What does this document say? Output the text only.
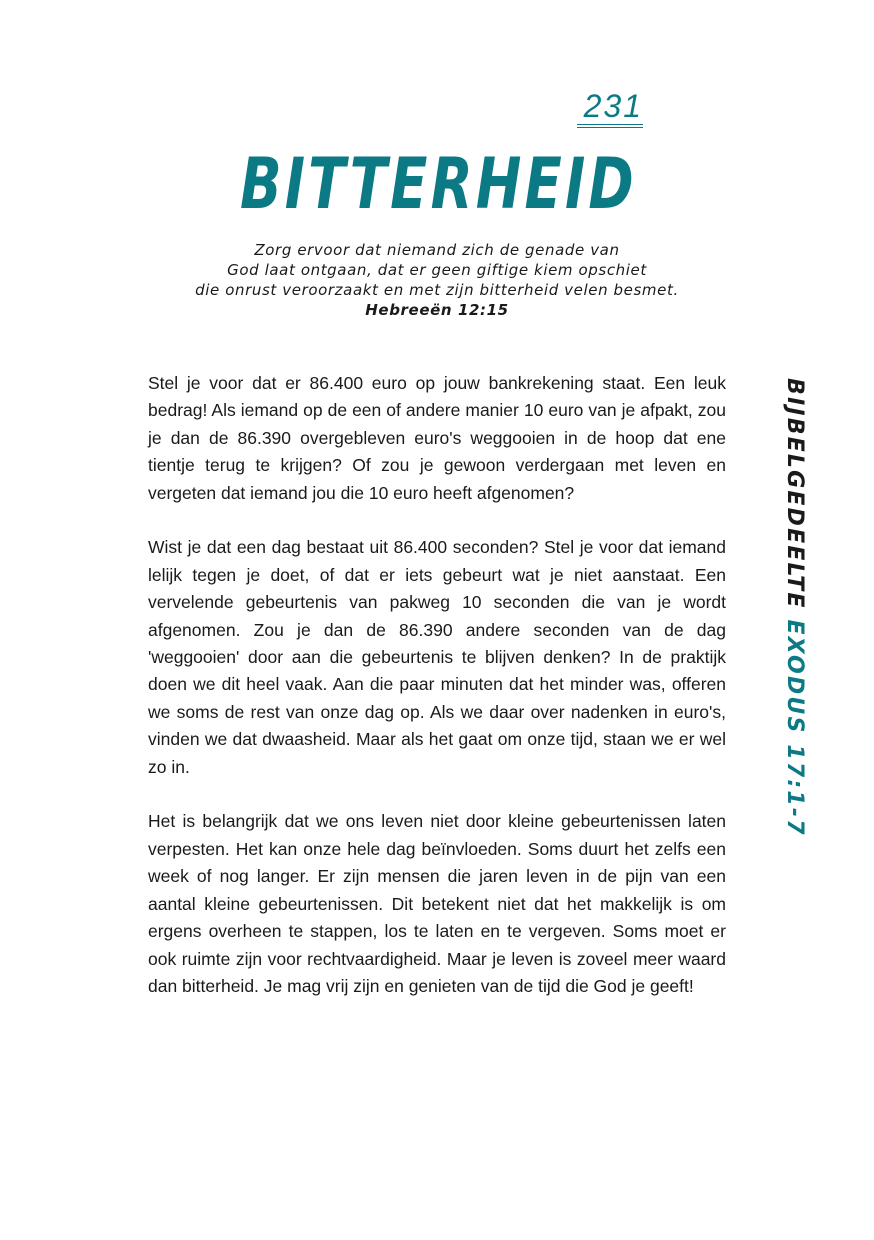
231
BITTERHEID
Zorg ervoor dat niemand zich de genade van
God laat ontgaan, dat er geen giftige kiem opschiet
die onrust veroorzaakt en met zijn bitterheid velen besmet.
Hebreeën 12:15

Stel je voor dat er 86.400 euro op jouw bankrekening staat. Een leuk bedrag! Als iemand op de een of andere manier 10 euro van je afpakt, zou je dan de 86.390 overgebleven euro's weggooien in de hoop dat ene tientje terug te krijgen? Of zou je gewoon verdergaan met leven en vergeten dat iemand jou die 10 euro heeft afgenomen?

Wist je dat een dag bestaat uit 86.400 seconden? Stel je voor dat iemand lelijk tegen je doet, of dat er iets gebeurt wat je niet aanstaat. Een vervelende gebeurtenis van pakweg 10 seconden die van je wordt afgenomen. Zou je dan de 86.390 andere seconden van de dag 'weggooien' door aan die gebeurtenis te blijven denken? In de praktijk doen we dit heel vaak. Aan die paar minuten dat het minder was, offeren we soms de rest van onze dag op. Als we daar over nadenken in euro's, vinden we dat dwaasheid. Maar als het gaat om onze tijd, staan we er wel zo in.

Het is belangrijk dat we ons leven niet door kleine gebeurtenissen laten verpesten. Het kan onze hele dag beïnvloeden. Soms duurt het zelfs een week of nog langer. Er zijn mensen die jaren leven in de pijn van een aantal kleine gebeurtenissen. Dit betekent niet dat het makkelijk is om ergens overheen te stappen, los te laten en te vergeven. Soms moet er ook ruimte zijn voor rechtvaardigheid. Maar je leven is zoveel meer waard dan bitterheid. Je mag vrij zijn en genieten van de tijd die God je geeft!

BIJBELGEDEELTE EXODUS 17:1-7
